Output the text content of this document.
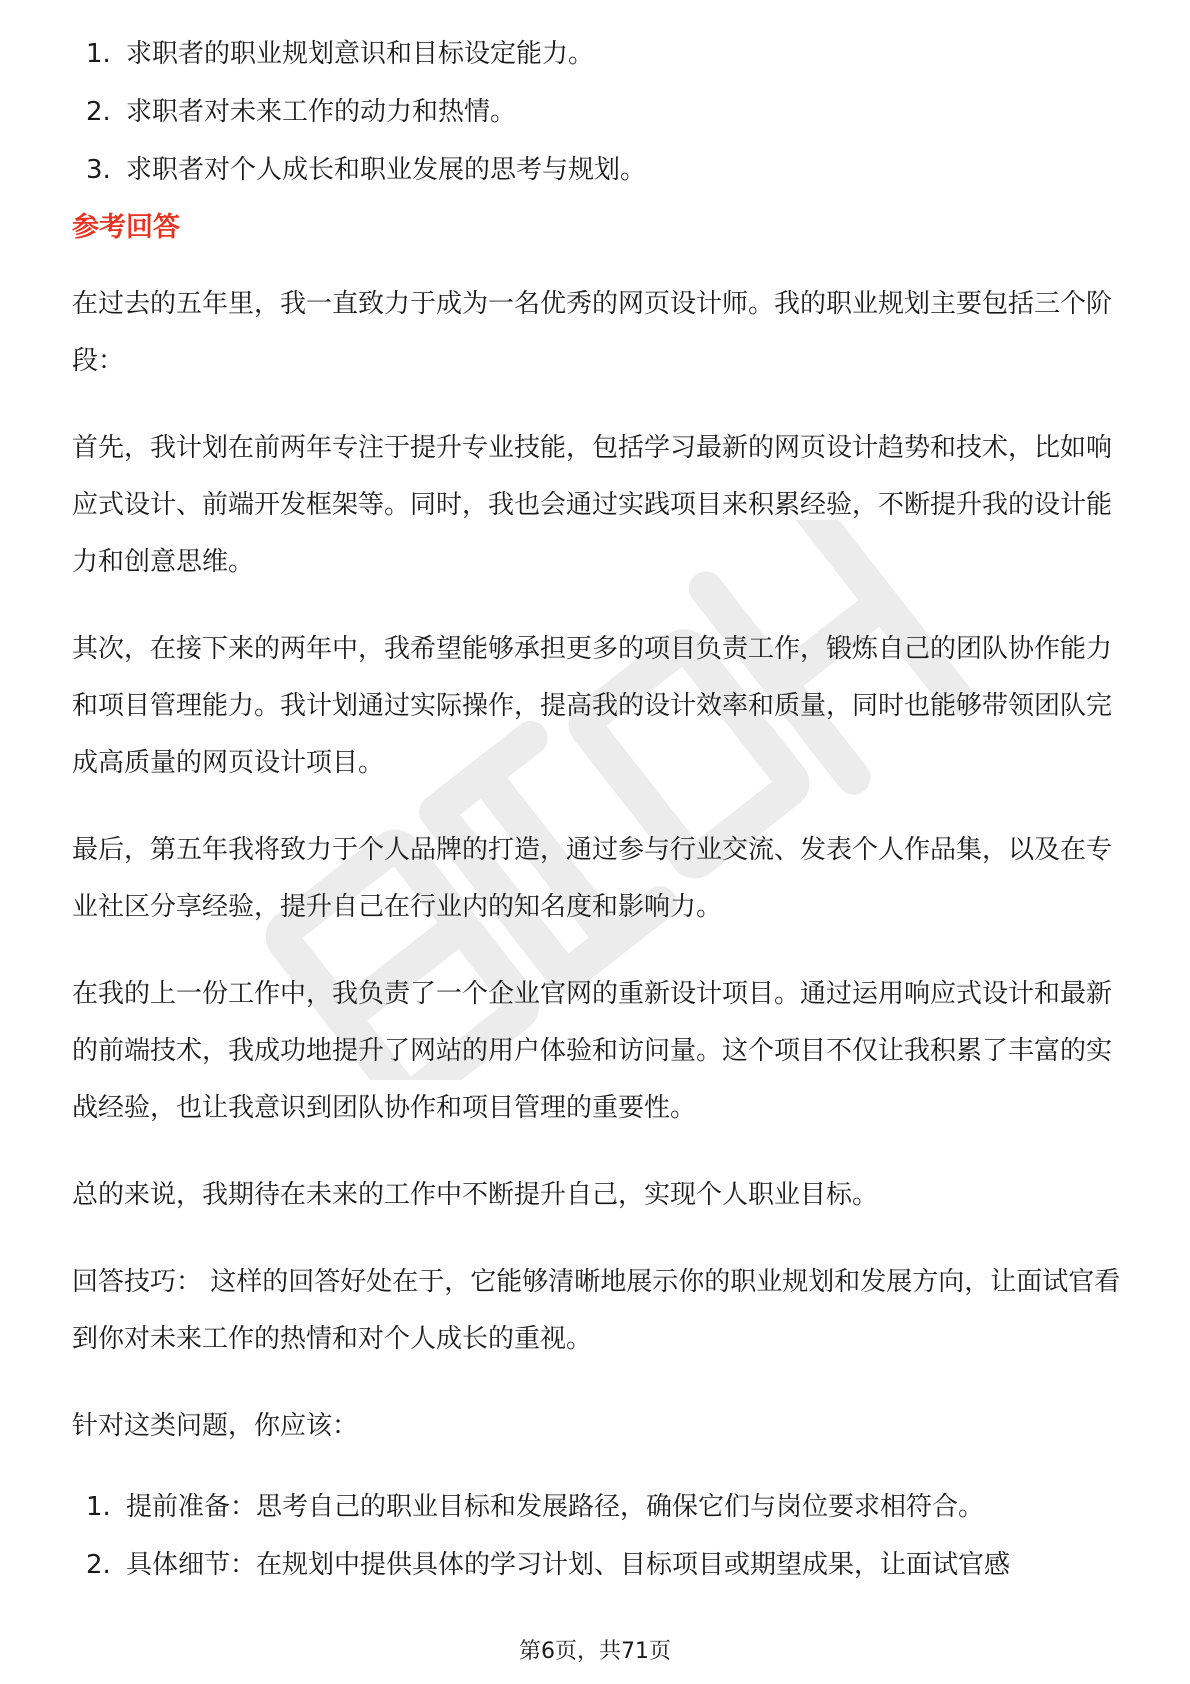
1. 求职者的职业规划意识和目标设定能力。
2. 求职者对未来工作的动力和热情。
3. 求职者对个人成长和职业发展的思考与规划。
参考回答

在过去的五年里，我一直致力于成为一名优秀的网页设计师。我的职业规划主要包括三个阶段：

首先，我计划在前两年专注于提升专业技能，包括学习最新的网页设计趋势和技术，比如响应式设计、前端开发框架等。同时，我也会通过实践项目来积累经验，不断提升我的设计能力和创意思维。

其次，在接下来的两年中，我希望能够承担更多的项目负责工作，锻炼自己的团队协作能力和项目管理能力。我计划通过实际操作，提高我的设计效率和质量，同时也能够带领团队完成高质量的网页设计项目。

最后，第五年我将致力于个人品牌的打造，通过参与行业交流、发表个人作品集，以及在专业社区分享经验，提升自己在行业内的知名度和影响力。

在我的上一份工作中，我负责了一个企业官网的重新设计项目。通过运用响应式设计和最新的前端技术，我成功地提升了网站的用户体验和访问量。这个项目不仅让我积累了丰富的实战经验，也让我意识到团队协作和项目管理的重要性。

总的来说，我期待在未来的工作中不断提升自己，实现个人职业目标。

回答技巧： 这样的回答好处在于，它能够清晰地展示你的职业规划和发展方向，让面试官看到你对未来工作的热情和对个人成长的重视。

针对这类问题，你应该：

1. 提前准备：思考自己的职业目标和发展路径，确保它们与岗位要求相符合。
2. 具体细节：在规划中提供具体的学习计划、目标项目或期望成果，让面试官感
第6页，共71页
